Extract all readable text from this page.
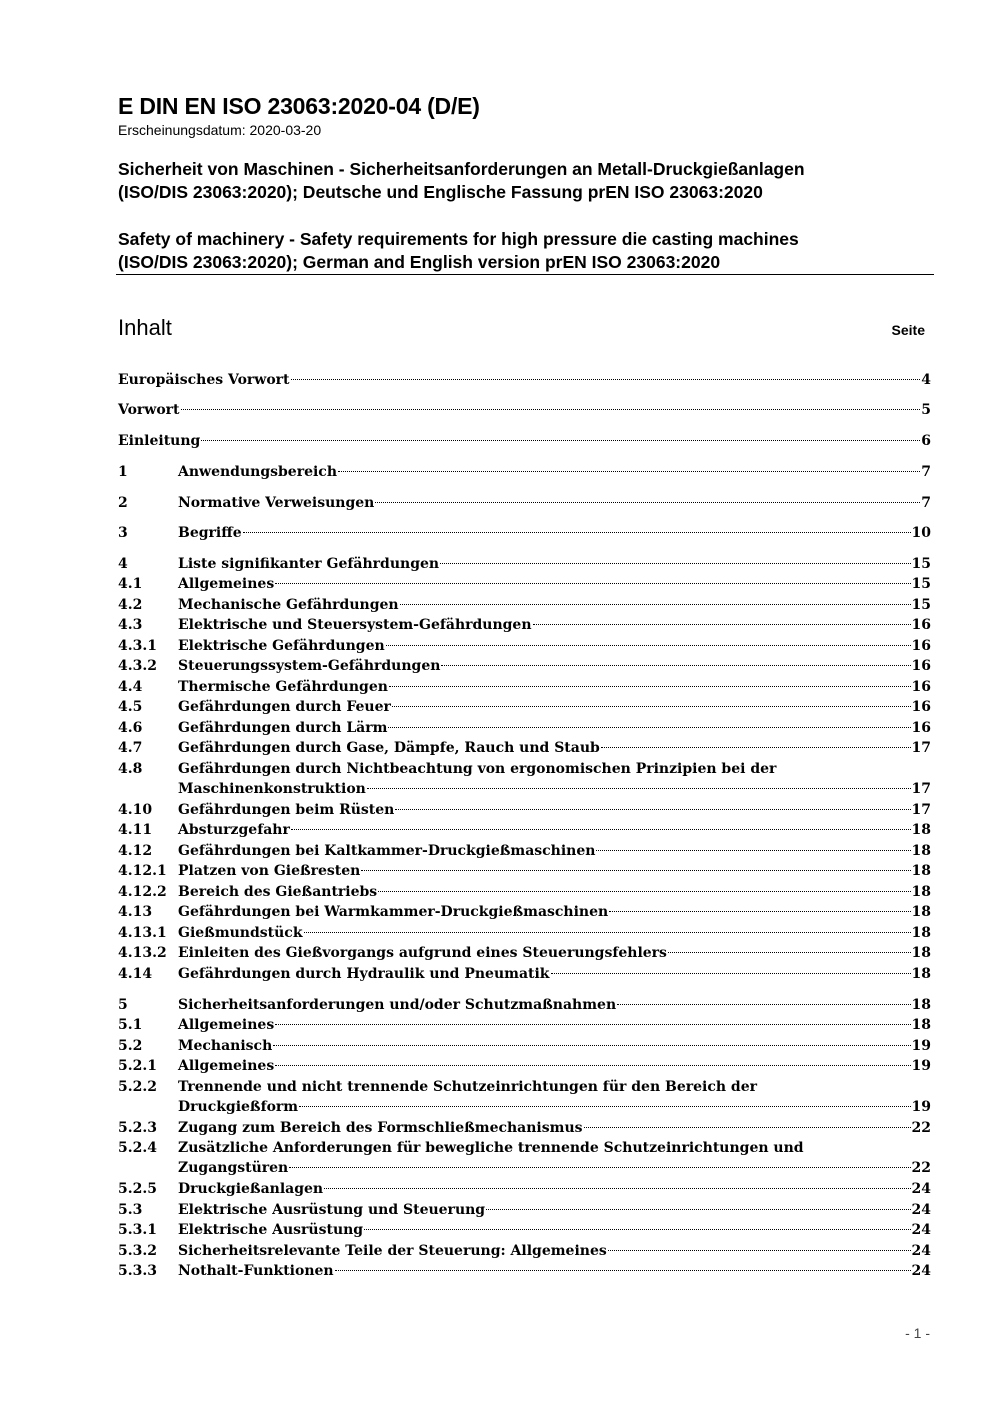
E DIN EN ISO 23063:2020-04 (D/E)
Erscheinungsdatum: 2020-03-20
Sicherheit von Maschinen - Sicherheitsanforderungen an Metall-Druckgießanlagen
(ISO/DIS 23063:2020); Deutsche und Englische Fassung prEN ISO 23063:2020
Safety of machinery - Safety requirements for high pressure die casting machines
(ISO/DIS 23063:2020); German and English version prEN ISO 23063:2020
Inhalt	Seite
Europäisches Vorwort	4
Vorwort	5
Einleitung	6
1	Anwendungsbereich	7
2	Normative Verweisungen	7
3	Begriffe	10
4	Liste signifikanter Gefährdungen	15
4.1	Allgemeines	15
4.2	Mechanische Gefährdungen	15
4.3	Elektrische und Steuersystem-Gefährdungen	16
4.3.1 Elektrische Gefährdungen	16
4.3.2 Steuerungssystem-Gefährdungen	16
4.4	Thermische Gefährdungen	16
4.5	Gefährdungen durch Feuer	16
4.6	Gefährdungen durch Lärm	16
4.7	Gefährdungen durch Gase, Dämpfe, Rauch und Staub	17
4.8	Gefährdungen durch Nichtbeachtung von ergonomischen Prinzipien bei der
Maschinenkonstruktion	17
4.10 Gefährdungen beim Rüsten	17
4.11 Absturzgefahr	18
4.12 Gefährdungen bei Kaltkammer-Druckgießmaschinen	18
4.12.1 Platzen von Gießresten	18
4.12.2 Bereich des Gießantriebs	18
4.13 Gefährdungen bei Warmkammer-Druckgießmaschinen	18
4.13.1 Gießmundstück	18
4.13.2 Einleiten des Gießvorgangs aufgrund eines Steuerungsfehlers	18
4.14 Gefährdungen durch Hydraulik und Pneumatik	18
5	Sicherheitsanforderungen und/oder Schutzmaßnahmen	18
5.1	Allgemeines	18
5.2	Mechanisch	19
5.2.1 Allgemeines	19
5.2.2 Trennende und nicht trennende Schutzeinrichtungen für den Bereich der
Druckgießform	19
5.2.3 Zugang zum Bereich des Formschließmechanismus	22
5.2.4 Zusätzliche Anforderungen für bewegliche trennende Schutzeinrichtungen und
Zugangstüren	22
5.2.5 Druckgießanlagen	24
5.3	Elektrische Ausrüstung und Steuerung	24
5.3.1 Elektrische Ausrüstung	24
5.3.2 Sicherheitsrelevante Teile der Steuerung: Allgemeines	24
5.3.3 Nothalt-Funktionen	24
- 1 -
